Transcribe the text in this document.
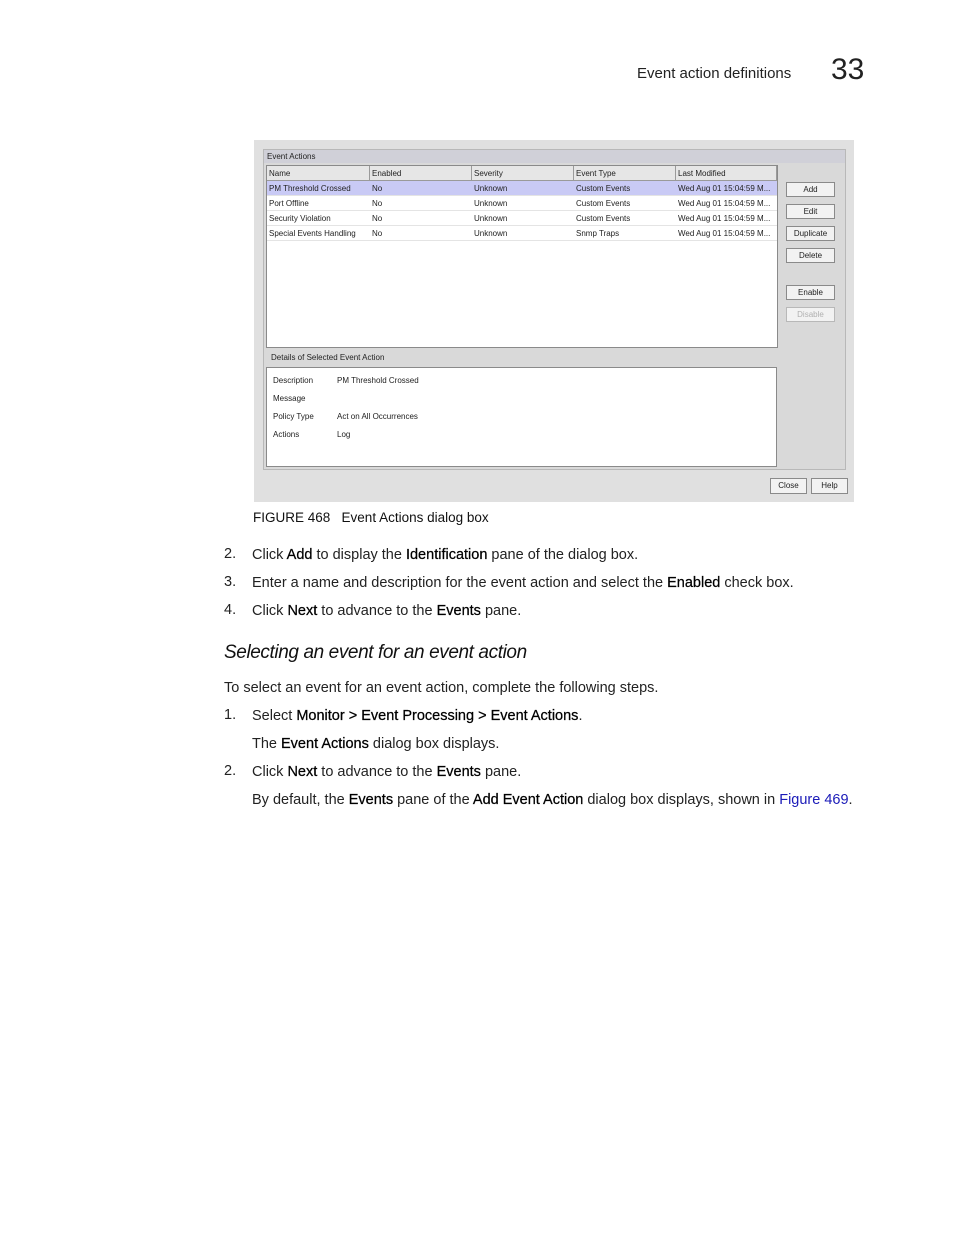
Event action definitions 33
Event Actions
Name	Enabled	Severity	Event Type	Last Modified
PM Threshold Crossed	No	Unknown	Custom Events	Wed Aug 01 15:04:59 M...
Port Offline	No	Unknown	Custom Events	Wed Aug 01 15:04:59 M...
Security Violation	No	Unknown	Custom Events	Wed Aug 01 15:04:59 M...
Special Events Handling	No	Unknown	Snmp Traps	Wed Aug 01 15:04:59 M...
Add
Edit
Duplicate
Delete
Enable
Disable
Details of Selected Event Action
Description	PM Threshold Crossed
Message
Policy Type	Act on All Occurrences
Actions	Log
Close	Help
FIGURE 468 Event Actions dialog box
2. Click Add to display the Identification pane of the dialog box.
3. Enter a name and description for the event action and select the Enabled check box.
4. Click Next to advance to the Events pane.
Selecting an event for an event action
To select an event for an event action, complete the following steps.
1. Select Monitor > Event Processing > Event Actions.
The Event Actions dialog box displays.
2. Click Next to advance to the Events pane.
By default, the Events pane of the Add Event Action dialog box displays, shown in Figure 469.
